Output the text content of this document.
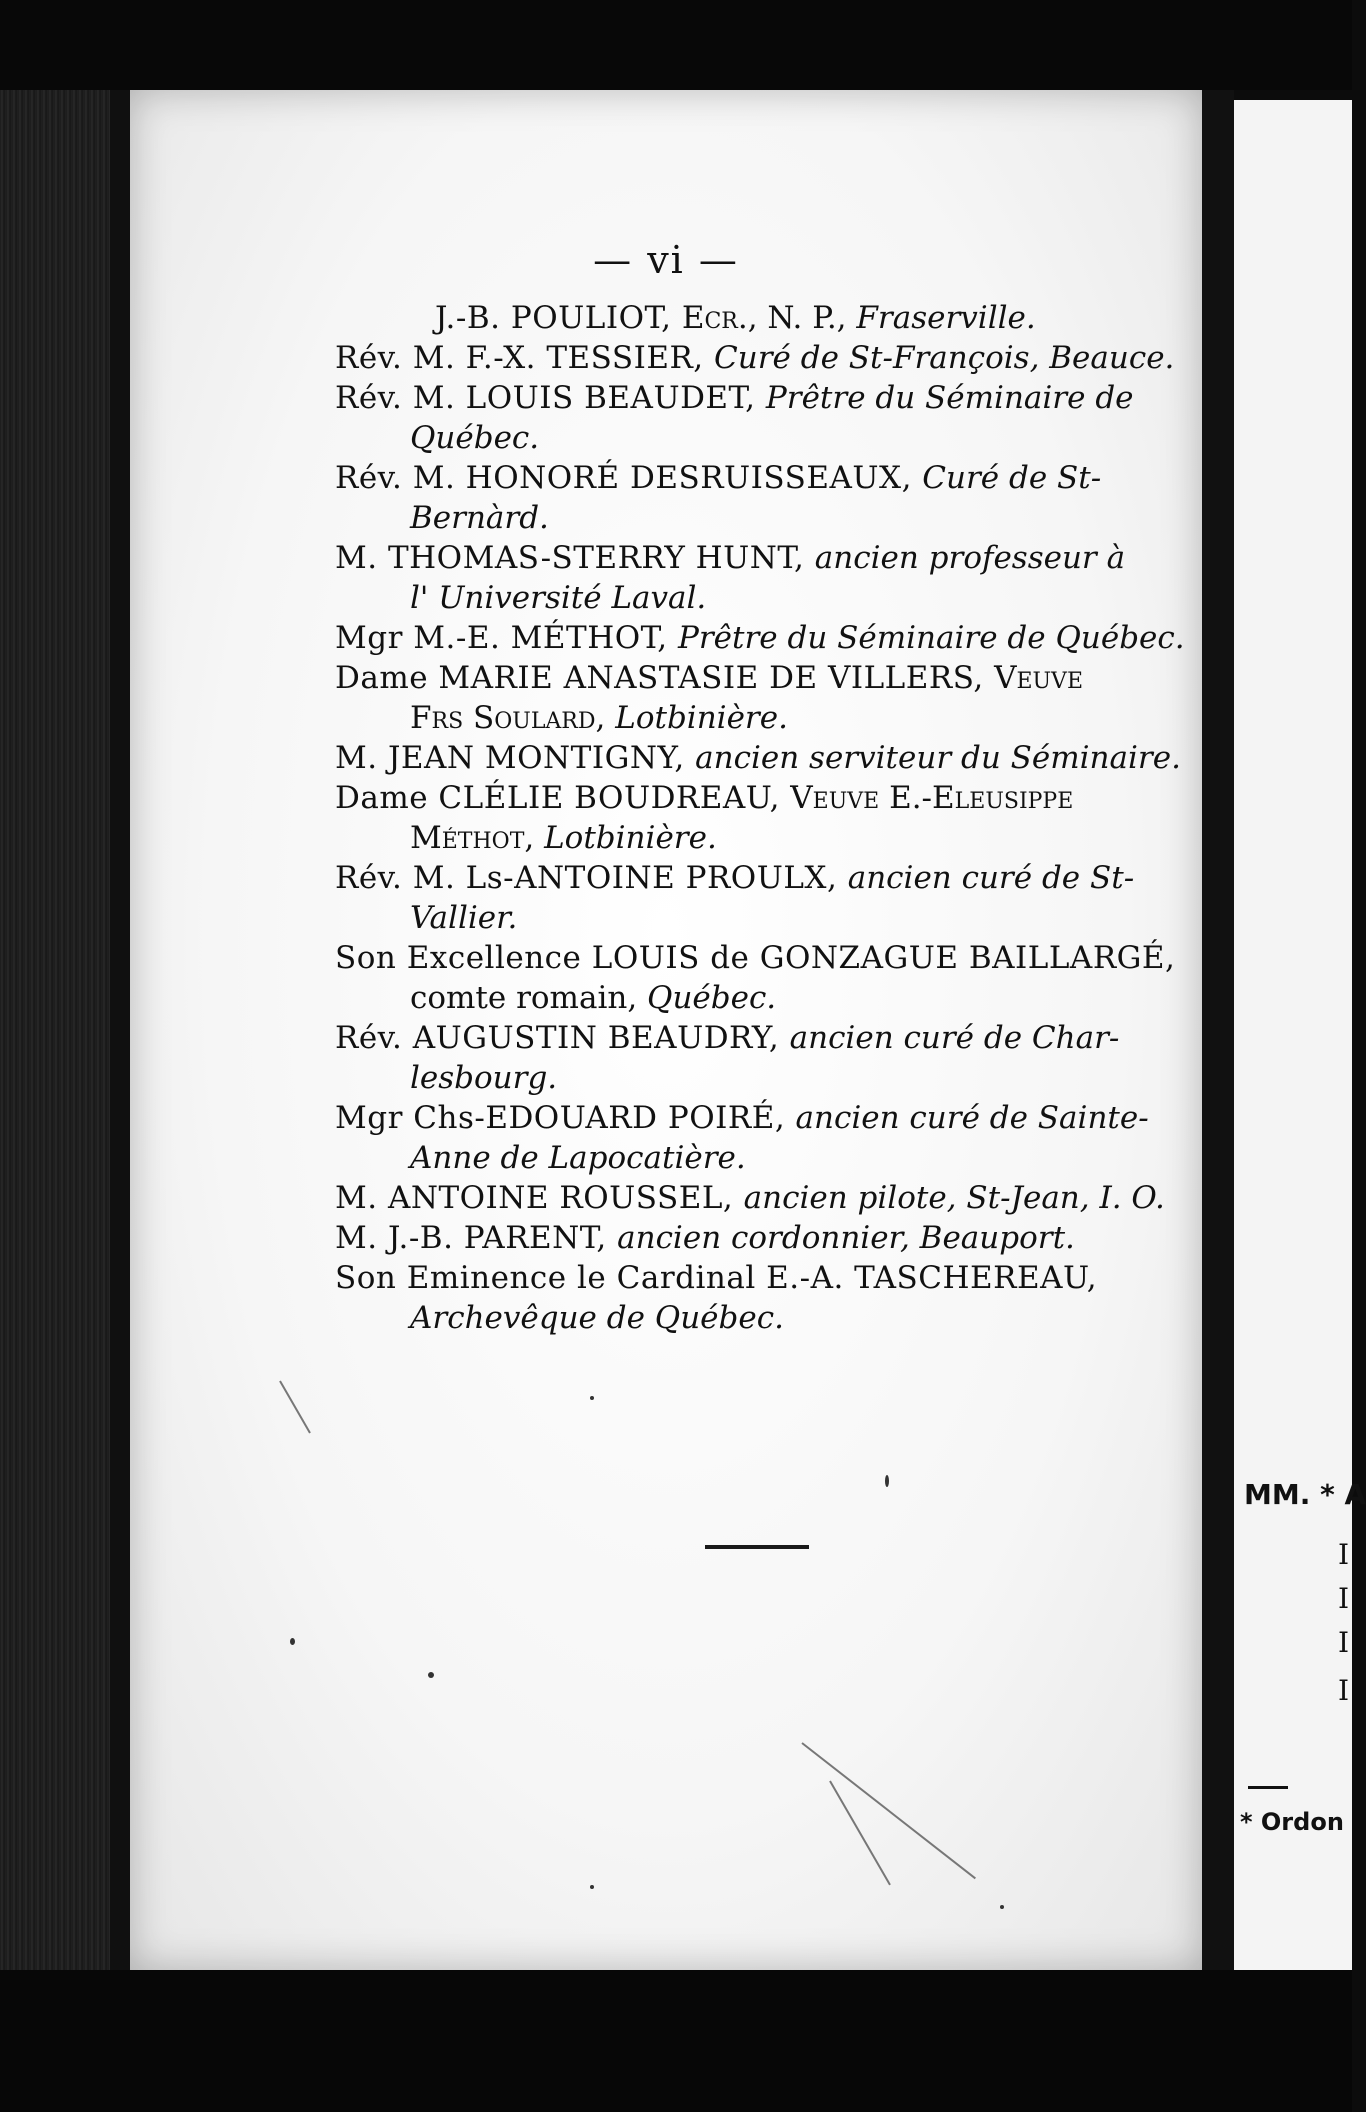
— vi —
J.-B. POULIOT, Ecr., N. P., Fraserville.
Rév. M. F.-X. TESSIER, Curé de St-François, Beauce.
Rév. M. LOUIS BEAUDET, Prêtre du Séminaire de
Québec.
Rév. M. HONORÉ DESRUISSEAUX, Curé de St-
Bernàrd.
M. THOMAS-STERRY HUNT, ancien professeur à
l' Université Laval.
Mgr M.-E. MÉTHOT, Prêtre du Séminaire de Québec.
Dame MARIE ANASTASIE DE VILLERS, Veuve
Frs Soulard, Lotbinière.
M. JEAN MONTIGNY, ancien serviteur du Séminaire.
Dame CLÉLIE BOUDREAU, Veuve E.-Eleusippe
Méthot, Lotbinière.
Rév. M. Ls-ANTOINE PROULX, ancien curé de St-
Vallier.
Son Excellence LOUIS de GONZAGUE BAILLARGÉ,
comte romain, Québec.
Rév. AUGUSTIN BEAUDRY, ancien curé de Char-
lesbourg.
Mgr Chs-EDOUARD POIRÉ, ancien curé de Sainte-
Anne de Lapocatière.
M. ANTOINE ROUSSEL, ancien pilote, St-Jean, I. O.
M. J.-B. PARENT, ancien cordonnier, Beauport.
Son Eminence le Cardinal E.-A. TASCHEREAU,
Archevêque de Québec.
MM. * A
Ⅰ
Ⅰ
Ⅰ
Ⅰ
* Ordon
